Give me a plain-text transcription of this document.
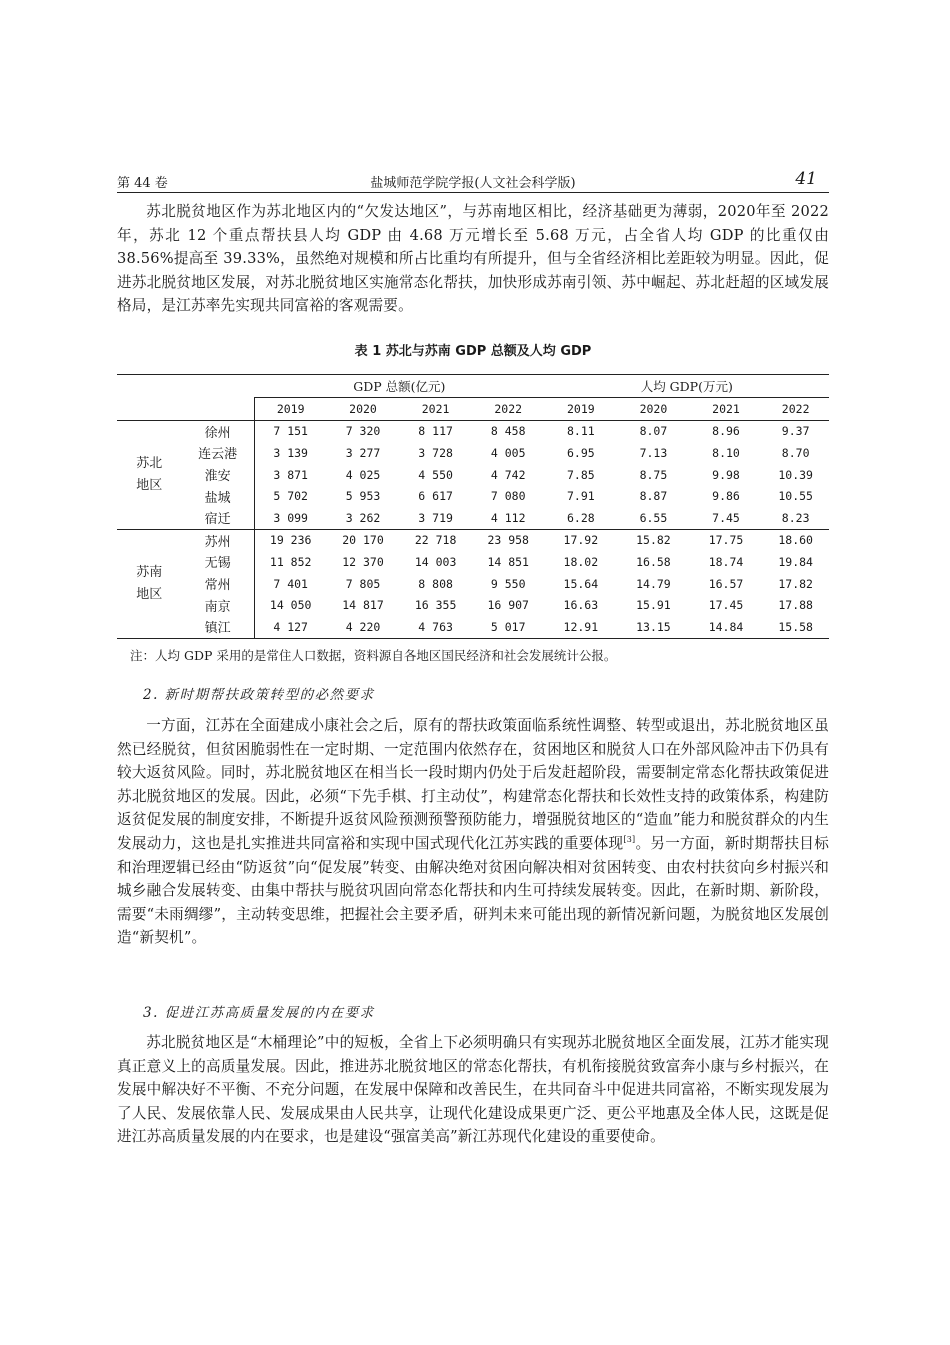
第 44 卷	盐城师范学院学报(人文社会科学版)	41

苏北脱贫地区作为苏北地区内的“欠发达地区”，与苏南地区相比，经济基础更为薄弱，2020年至 2022 年，苏北 12 个重点帮扶县人均 GDP 由 4.68 万元增长至 5.68 万元，占全省人均 GDP 的比重仅由 38.56%提高至 39.33%，虽然绝对规模和所占比重均有所提升，但与全省经济相比差距较为明显。因此，促进苏北脱贫地区发展，对苏北脱贫地区实施常态化帮扶，加快形成苏南引领、苏中崛起、苏北赶超的区域发展格局，是江苏率先实现共同富裕的客观需要。

表 1 苏北与苏南 GDP 总额及人均 GDP
		GDP 总额(亿元)				人均 GDP(万元)			
		2019	2020	2021	2022	2019	2020	2021	2022
苏北
地区	徐州	7 151	7 320	8 117	8 458	8.11	8.07	8.96	9.37
	连云港	3 139	3 277	3 728	4 005	6.95	7.13	8.10	8.70
	淮安	3 871	4 025	4 550	4 742	7.85	8.75	9.98	10.39
	盐城	5 702	5 953	6 617	7 080	7.91	8.87	9.86	10.55
	宿迁	3 099	3 262	3 719	4 112	6.28	6.55	7.45	8.23
苏南
地区	苏州	19 236	20 170	22 718	23 958	17.92	15.82	17.75	18.60
	无锡	11 852	12 370	14 003	14 851	18.02	16.58	18.74	19.84
	常州	7 401	7 805	8 808	9 550	15.64	14.79	16.57	17.82
	南京	14 050	14 817	16 355	16 907	16.63	15.91	17.45	17.88
	镇江	4 127	4 220	4 763	5 017	12.91	13.15	14.84	15.58

注：人均 GDP 采用的是常住人口数据，资料源自各地区国民经济和社会发展统计公报。

2. 新时期帮扶政策转型的必然要求

一方面，江苏在全面建成小康社会之后，原有的帮扶政策面临系统性调整、转型或退出，苏北脱贫地区虽然已经脱贫，但贫困脆弱性在一定时期、一定范围内依然存在，贫困地区和脱贫人口在外部风险冲击下仍具有较大返贫风险。同时，苏北脱贫地区在相当长一段时期内仍处于后发赶超阶段，需要制定常态化帮扶政策促进苏北脱贫地区的发展。因此，必须“下先手棋、打主动仗”，构建常态化帮扶和长效性支持的政策体系，构建防返贫促发展的制度安排，不断提升返贫风险预测预警预防能力，增强脱贫地区的“造血”能力和脱贫群众的内生发展动力，这也是扎实推进共同富裕和实现中国式现代化江苏实践的重要体现[3]。另一方面，新时期帮扶目标和治理逻辑已经由“防返贫”向“促发展”转变、由解决绝对贫困向解决相对贫困转变、由农村扶贫向乡村振兴和城乡融合发展转变、由集中帮扶与脱贫巩固向常态化帮扶和内生可持续发展转变。因此，在新时期、新阶段，需要“未雨绸缪”，主动转变思维，把握社会主要矛盾，研判未来可能出现的新情况新问题，为脱贫地区发展创造“新契机”。

3. 促进江苏高质量发展的内在要求

苏北脱贫地区是“木桶理论”中的短板，全省上下必须明确只有实现苏北脱贫地区全面发展，江苏才能实现真正意义上的高质量发展。因此，推进苏北脱贫地区的常态化帮扶，有机衔接脱贫致富奔小康与乡村振兴，在发展中解决好不平衡、不充分问题，在发展中保障和改善民生，在共同奋斗中促进共同富裕，不断实现发展为了人民、发展依靠人民、发展成果由人民共享，让现代化建设成果更广泛、更公平地惠及全体人民，这既是促进江苏高质量发展的内在要求，也是建设“强富美高”新江苏现代化建设的重要使命。
